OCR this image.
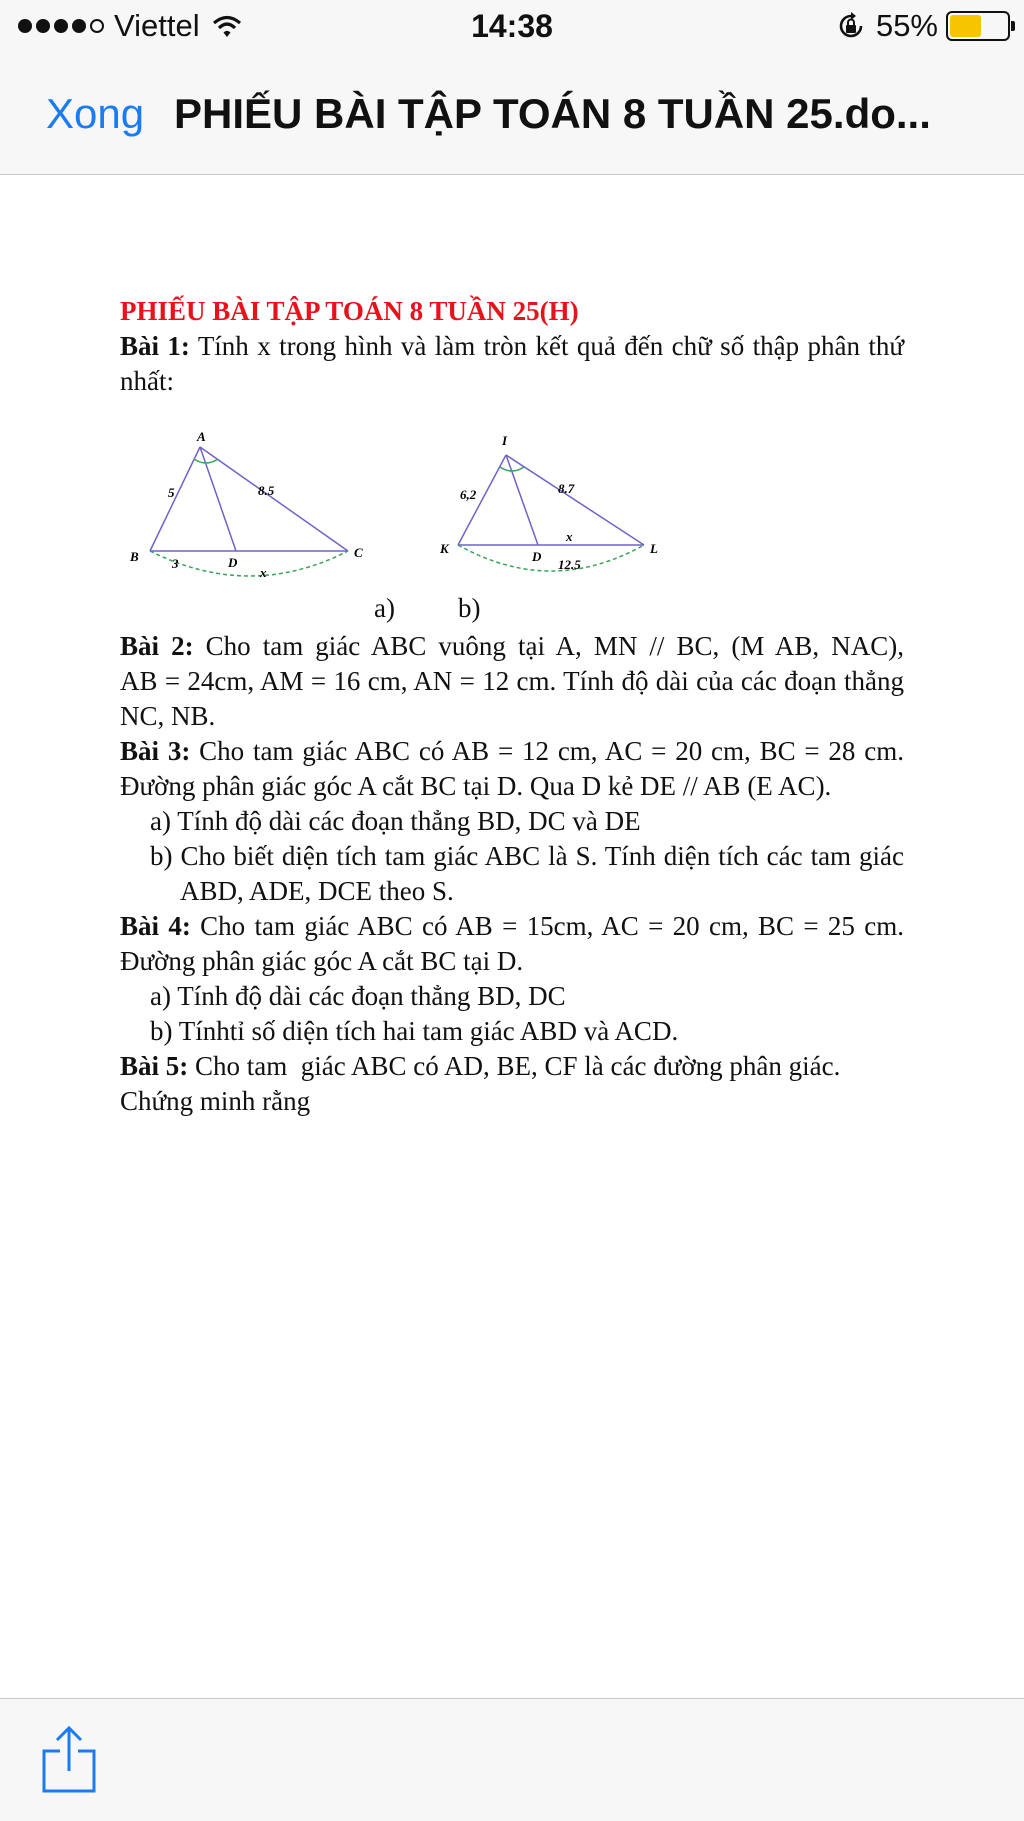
Viettel	14:38	55%
Xong PHIẾU BÀI TẬP TOÁN 8 TUẦN 25.do...

PHIẾU BÀI TẬP TOÁN 8 TUẦN 25(H)

Bài 1: Tính x trong hình và làm tròn kết quả đến chữ số thập phân thứ nhất:

A
B	C
D
5	8.5
3
x
I
K	L
D
6,2	8.7
x
12.5
a) b)

Bài 2: Cho tam giác ABC vuông tại A, MN // BC, (M AB, NAC),            AB = 24cm, AM = 16 cm, AN = 12 cm. Tính độ dài của các đoạn thẳng NC, NB.

Bài 3: Cho tam giác ABC có AB = 12 cm, AC = 20 cm, BC = 28 cm. Đường phân giác góc A cắt BC tại D. Qua D kẻ DE // AB (E AC).

a) Tính độ dài các đoạn thẳng BD, DC và DE

b) Cho biết diện tích tam giác ABC là S. Tính diện tích các tam giác ABD, ADE, DCE theo S.

Bài 4: Cho tam giác ABC có AB = 15cm, AC = 20 cm, BC = 25 cm. Đường phân giác góc A cắt BC tại D.

a) Tính độ dài các đoạn thẳng BD, DC

b) Tínhtỉ số diện tích hai tam giác ABD và ACD.

Bài 5: Cho tam  giác ABC có AD, BE, CF là các đường phân giác.

Chứng minh rằng
